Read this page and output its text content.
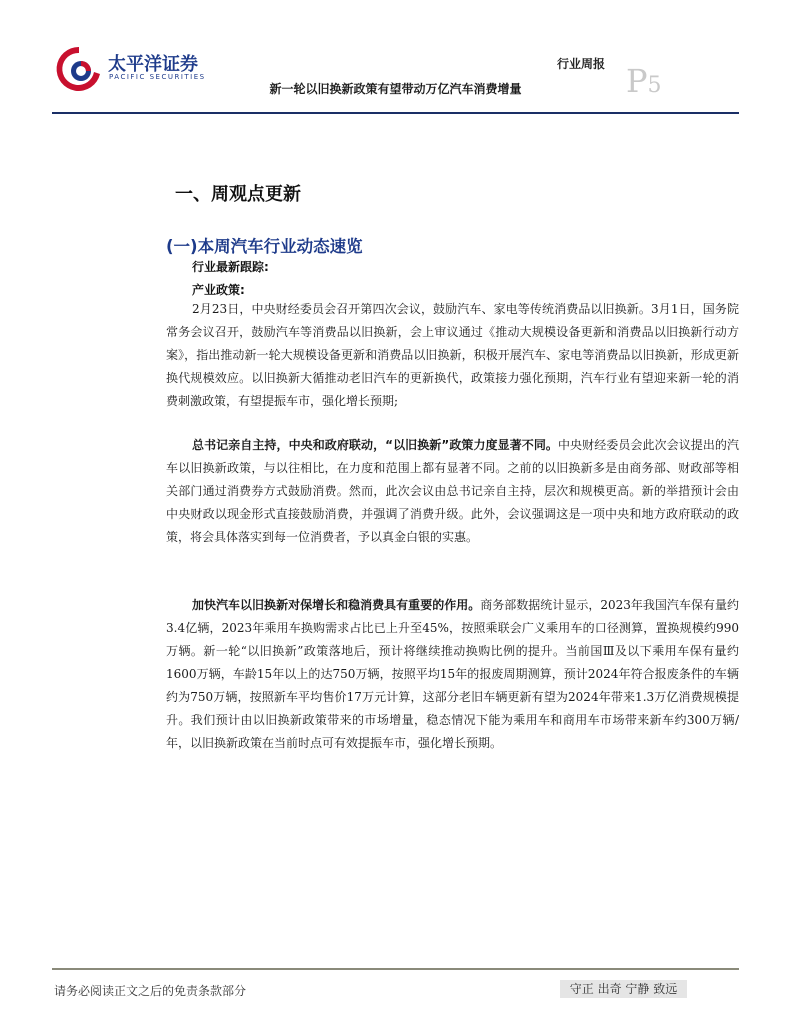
太平洋证券
PACIFIC SECURITIES
行业周报 P5
新一轮以旧换新政策有望带动万亿汽车消费增量
一、周观点更新
(一)本周汽车行业动态速览
行业最新跟踪:
产业政策:

2月23日，中央财经委员会召开第四次会议，鼓励汽车、家电等传统消费品以旧换新。3月1日，国务院常务会议召开，鼓励汽车等消费品以旧换新，会上审议通过《推动大规模设备更新和消费品以旧换新行动方案》，指出推动新一轮大规模设备更新和消费品以旧换新，积极开展汽车、家电等消费品以旧换新，形成更新换代规模效应。以旧换新大循推动老旧汽车的更新换代，政策接力强化预期，汽车行业有望迎来新一轮的消费刺激政策，有望提振车市，强化增长预期;

总书记亲自主持，中央和政府联动，“以旧换新”政策力度显著不同。中央财经委员会此次会议提出的汽车以旧换新政策，与以往相比，在力度和范围上都有显著不同。之前的以旧换新多是由商务部、财政部等相关部门通过消费券方式鼓励消费。然而，此次会议由总书记亲自主持，层次和规模更高。新的举措预计会由中央财政以现金形式直接鼓励消费，并强调了消费升级。此外，会议强调这是一项中央和地方政府联动的政策，将会具体落实到每一位消费者，予以真金白银的实惠。

加快汽车以旧换新对保增长和稳消费具有重要的作用。商务部数据统计显示，2023年我国汽车保有量约3.4亿辆，2023年乘用车换购需求占比已上升至45%，按照乘联会广义乘用车的口径测算，置换规模约990万辆。新一轮“以旧换新”政策落地后，预计将继续推动换购比例的提升。当前国Ⅲ及以下乘用车保有量约1600万辆，车龄15年以上的达750万辆，按照平均15年的报废周期测算，预计2024年符合报废条件的车辆约为750万辆，按照新车平均售价17万元计算，这部分老旧车辆更新有望为2024年带来1.3万亿消费规模提升。我们预计由以旧换新政策带来的市场增量，稳态情况下能为乘用车和商用车市场带来新车约300万辆/年，以旧换新政策在当前时点可有效提振车市，强化增长预期。

请务必阅读正文之后的免责条款部分	守正 出奇 宁静 致远
